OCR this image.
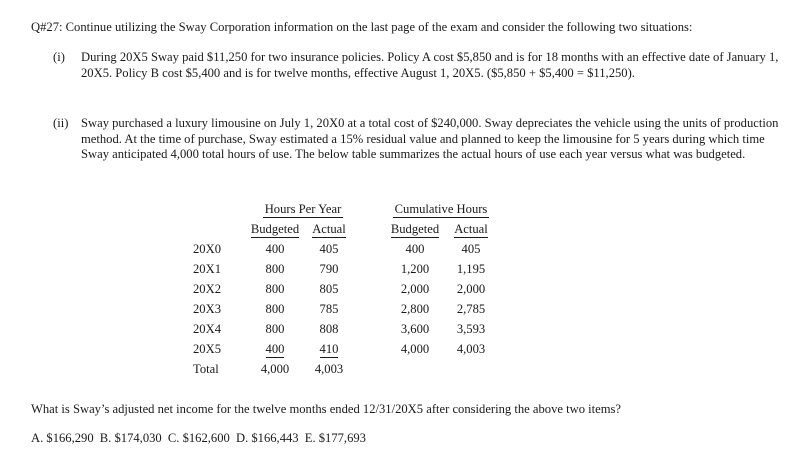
Q#27: Continue utilizing the Sway Corporation information on the last page of the exam and consider the following two situations:
(i) During 20X5 Sway paid $11,250 for two insurance policies. Policy A cost $5,850 and is for 18 months with an effective date of January 1, 20X5. Policy B cost $5,400 and is for twelve months, effective August 1, 20X5. ($5,850 + $5,400 = $11,250).
(ii) Sway purchased a luxury limousine on July 1, 20X0 at a total cost of $240,000. Sway depreciates the vehicle using the units of production method. At the time of purchase, Sway estimated a 15% residual value and planned to keep the limousine for 5 years during which time Sway anticipated 4,000 total hours of use. The below table summarizes the actual hours of use each year versus what was budgeted.
	Hours Per Year			Cumulative Hours	
	Budgeted	Actual		Budgeted	Actual
20X0	400	405		400	405
20X1	800	790		1,200	1,195
20X2	800	805		2,000	2,000
20X3	800	785		2,800	2,785
20X4	800	808		3,600	3,593
20X5	400	410		4,000	4,003
Total	4,000	4,003			
What is Sway’s adjusted net income for the twelve months ended 12/31/20X5 after considering the above two items?
A. $166,290 B. $174,030 C. $162,600 D. $166,443 E. $177,693
